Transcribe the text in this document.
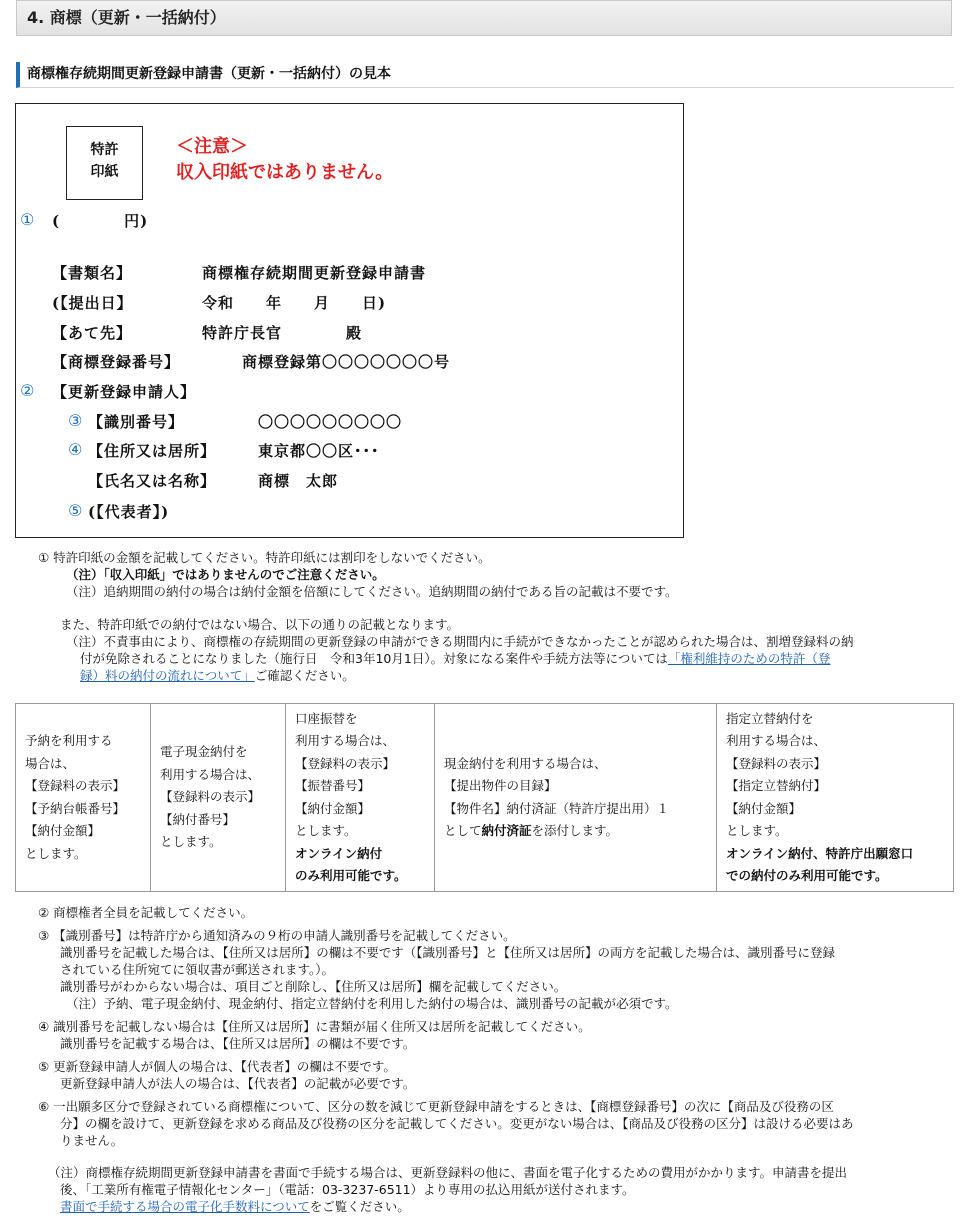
4. 商標（更新・一括納付）
商標権存続期間更新登録申請書（更新・一括納付）の見本
特許
印紙
＜注意＞
収入印紙ではありません。
① (　　　　円)
【書類名】	商標権存続期間更新登録申請書
(【提出日】	令和　　年　　月　　日)
【あて先】	特許庁長官　　　　殿
【商標登録番号】	商標登録第〇〇〇〇〇〇〇号
② 【更新登録申請人】
③ 【識別番号】	〇〇〇〇〇〇〇〇〇
④ 【住所又は居所】	東京都〇〇区･･･
【氏名又は名称】	商標　太郎
⑤ (【代表者】)
① 特許印紙の金額を記載してください。特許印紙には割印をしないでください。
（注）「収入印紙」ではありませんのでご注意ください。
（注）追納期間の納付の場合は納付金額を倍額にしてください。追納期間の納付である旨の記載は不要です。
また、特許印紙での納付ではない場合、以下の通りの記載となります。
（注）不責事由により、商標権の存続期間の更新登録の申請ができる期間内に手続ができなかったことが認められた場合は、割増登録料の納
付が免除されることになりました（施行日　令和3年10月1日）。対象になる案件や手続方法等については「権利維持のための特許（登
録）料の納付の流れについて」ご確認ください。
予納を利用する
場合は、
【登録料の表示】
【予納台帳番号】
【納付金額】
とします。

電子現金納付を
利用する場合は、
【登録料の表示】
【納付番号】
とします。

口座振替を
利用する場合は、
【登録料の表示】
【振替番号】
【納付金額】
とします。
オンライン納付
のみ利用可能です。

現金納付を利用する場合は、
【提出物件の目録】
【物件名】納付済証（特許庁提出用）１
として納付済証を添付します。

指定立替納付を
利用する場合は、
【登録料の表示】
【指定立替納付】
【納付金額】
とします。
オンライン納付、特許庁出願窓口
での納付のみ利用可能です。
② 商標権者全員を記載してください。
③ 【識別番号】は特許庁から通知済みの９桁の申請人識別番号を記載してください。
識別番号を記載した場合は、【住所又は居所】の欄は不要です（【識別番号】と【住所又は居所】の両方を記載した場合は、識別番号に登録
されている住所宛てに領収書が郵送されます。）。
識別番号がわからない場合は、項目ごと削除し、【住所又は居所】欄を記載してください。
（注）予納、電子現金納付、現金納付、指定立替納付を利用した納付の場合は、識別番号の記載が必須です。
④ 識別番号を記載しない場合は【住所又は居所】に書類が届く住所又は居所を記載してください。
識別番号を記載する場合は、【住所又は居所】の欄は不要です。
⑤ 更新登録申請人が個人の場合は、【代表者】の欄は不要です。
更新登録申請人が法人の場合は、【代表者】の記載が必要です。
⑥ 一出願多区分で登録されている商標権について、区分の数を減じて更新登録申請をするときは、【商標登録番号】の次に【商品及び役務の区
分】の欄を設けて、更新登録を求める商品及び役務の区分を記載してください。変更がない場合は、【商品及び役務の区分】は設ける必要はあ
りません。
（注）商標権存続期間更新登録申請書を書面で手続する場合は、更新登録料の他に、書面を電子化するための費用がかかります。申請書を提出
後、「工業所有権電子情報化センター」（電話：03-3237-6511）より専用の払込用紙が送付されます。
書面で手続する場合の電子化手数料についてをご覧ください。
